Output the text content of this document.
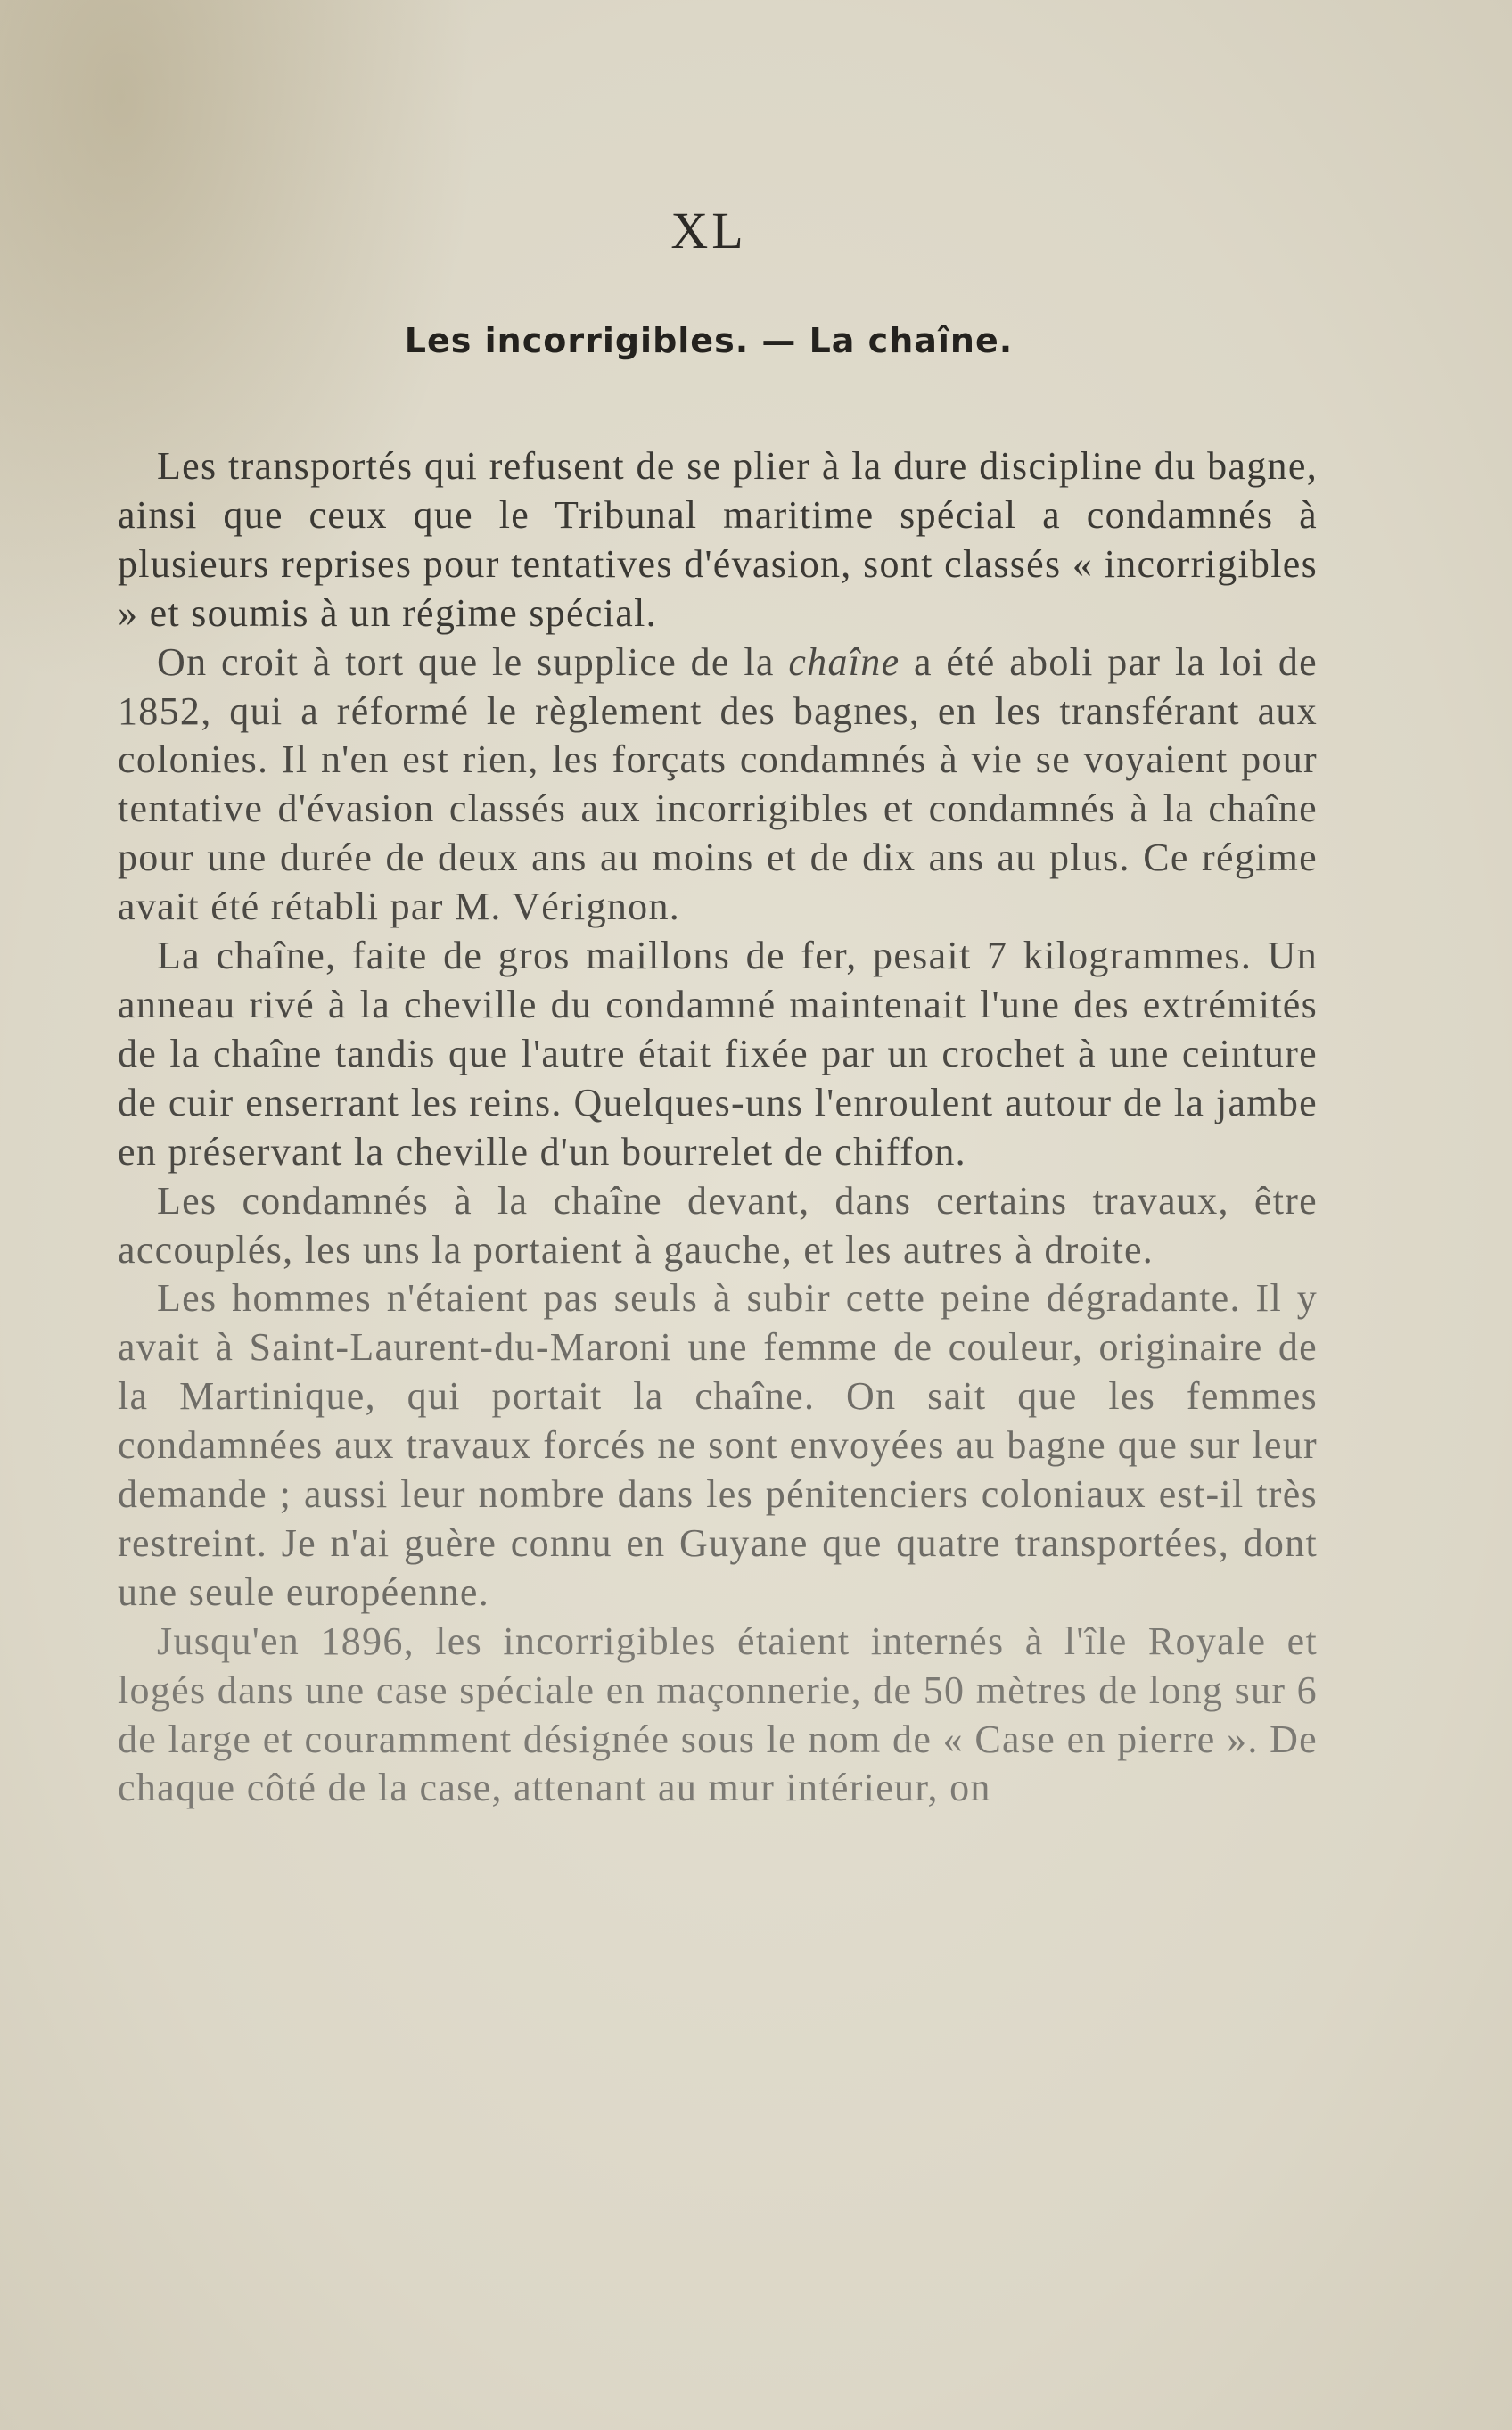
XL
Les incorrigibles. — La chaîne.

Les transportés qui refusent de se plier à la dure discipline du bagne, ainsi que ceux que le Tribunal maritime spécial a condamnés à plusieurs reprises pour tentatives d'évasion, sont classés « incorrigibles » et soumis à un régime spécial.

On croit à tort que le supplice de la chaîne a été aboli par la loi de 1852, qui a réformé le règlement des bagnes, en les transférant aux colonies. Il n'en est rien, les forçats condamnés à vie se voyaient pour tentative d'évasion classés aux incorrigibles et condamnés à la chaîne pour une durée de deux ans au moins et de dix ans au plus. Ce régime avait été rétabli par M. Vérignon.

La chaîne, faite de gros maillons de fer, pesait 7 kilogrammes. Un anneau rivé à la cheville du condamné maintenait l'une des extrémités de la chaîne tandis que l'autre était fixée par un crochet à une ceinture de cuir enserrant les reins. Quelques-uns l'enroulent autour de la jambe en préservant la cheville d'un bourrelet de chiffon.

Les condamnés à la chaîne devant, dans certains travaux, être accouplés, les uns la portaient à gauche, et les autres à droite.

Les hommes n'étaient pas seuls à subir cette peine dégradante. Il y avait à Saint-Laurent-du-Maroni une femme de couleur, originaire de la Martinique, qui portait la chaîne. On sait que les femmes condamnées aux travaux forcés ne sont envoyées au bagne que sur leur demande ; aussi leur nombre dans les pénitenciers coloniaux est-il très restreint. Je n'ai guère connu en Guyane que quatre transportées, dont une seule européenne.

Jusqu'en 1896, les incorrigibles étaient internés à l'île Royale et logés dans une case spéciale en maçonnerie, de 50 mètres de long sur 6 de large et couramment désignée sous le nom de « Case en pierre ». De chaque côté de la case, attenant au mur intérieur, on
